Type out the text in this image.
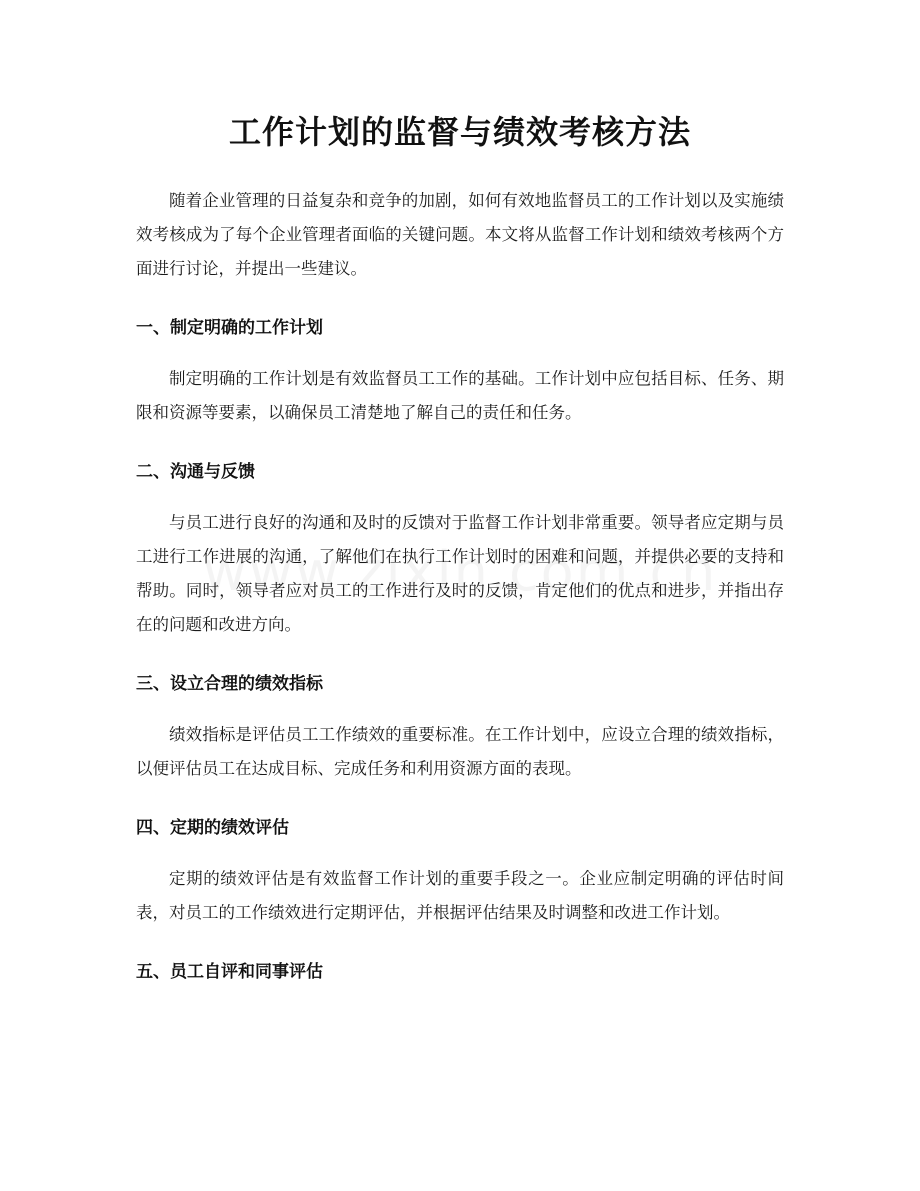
工作计划的监督与绩效考核方法

随着企业管理的日益复杂和竞争的加剧，如何有效地监督员工的工作计划以及实施绩效考核成为了每个企业管理者面临的关键问题。本文将从监督工作计划和绩效考核两个方面进行讨论，并提出一些建议。

一、制定明确的工作计划

制定明确的工作计划是有效监督员工工作的基础。工作计划中应包括目标、任务、期限和资源等要素，以确保员工清楚地了解自己的责任和任务。

二、沟通与反馈

与员工进行良好的沟通和及时的反馈对于监督工作计划非常重要。领导者应定期与员工进行工作进展的沟通，了解他们在执行工作计划时的困难和问题，并提供必要的支持和帮助。同时，领导者应对员工的工作进行及时的反馈，肯定他们的优点和进步，并指出存在的问题和改进方向。

三、设立合理的绩效指标

绩效指标是评估员工工作绩效的重要标准。在工作计划中，应设立合理的绩效指标，以便评估员工在达成目标、完成任务和利用资源方面的表现。

四、定期的绩效评估

定期的绩效评估是有效监督工作计划的重要手段之一。企业应制定明确的评估时间表，对员工的工作绩效进行定期评估，并根据评估结果及时调整和改进工作计划。

五、员工自评和同事评估
